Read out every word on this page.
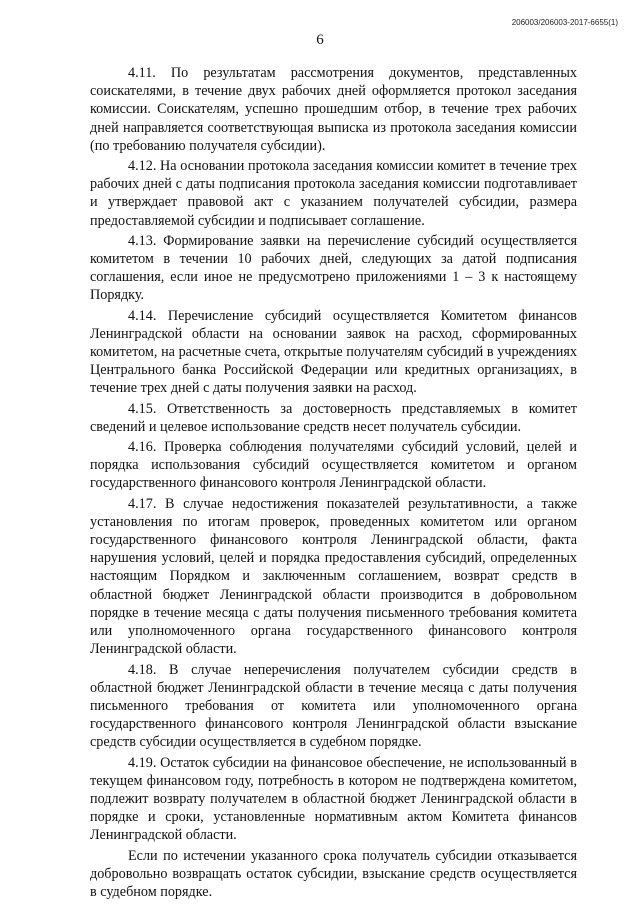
206003/206003-2017-6655(1)
6

4.11. По результатам рассмотрения документов, представленных соискателями, в течение двух рабочих дней оформляется протокол заседания комиссии. Соискателям, успешно прошедшим отбор, в течение трех рабочих дней направляется соответствующая выписка из протокола заседания комиссии (по требованию получателя субсидии).

4.12. На основании протокола заседания комиссии комитет в течение трех рабочих дней с даты подписания протокола заседания комиссии подготавливает и утверждает правовой акт с указанием получателей субсидии, размера предоставляемой субсидии и подписывает соглашение.

4.13. Формирование заявки на перечисление субсидий осуществляется комитетом в течении 10 рабочих дней, следующих за датой подписания соглашения, если иное не предусмотрено приложениями 1 – 3 к настоящему Порядку.

4.14. Перечисление субсидий осуществляется Комитетом финансов Ленинградской области на основании заявок на расход, сформированных комитетом, на расчетные счета, открытые получателям субсидий в учреждениях Центрального банка Российской Федерации или кредитных организациях, в течение трех дней с даты получения заявки на расход.

4.15. Ответственность за достоверность представляемых в комитет сведений и целевое использование средств несет получатель субсидии.

4.16. Проверка соблюдения получателями субсидий условий, целей и порядка использования субсидий осуществляется комитетом и органом государственного финансового контроля Ленинградской области.

4.17. В случае недостижения показателей результативности, а также установления по итогам проверок, проведенных комитетом или органом государственного финансового контроля Ленинградской области, факта нарушения условий, целей и порядка предоставления субсидий, определенных настоящим Порядком и заключенным соглашением, возврат средств в областной бюджет Ленинградской области производится в добровольном порядке в течение месяца с даты получения письменного требования комитета или уполномоченного органа государственного финансового контроля Ленинградской области.

4.18. В случае неперечисления получателем субсидии средств в областной бюджет Ленинградской области в течение месяца с даты получения письменного требования от комитета или уполномоченного органа государственного финансового контроля Ленинградской области взыскание средств субсидии осуществляется в судебном порядке.

4.19. Остаток субсидии на финансовое обеспечение, не использованный в текущем финансовом году, потребность в котором не подтверждена комитетом, подлежит возврату получателем в областной бюджет Ленинградской области в порядке и сроки, установленные нормативным актом Комитета финансов Ленинградской области.

Если по истечении указанного срока получатель субсидии отказывается добровольно возвращать остаток субсидии, взыскание средств осуществляется в судебном порядке.
